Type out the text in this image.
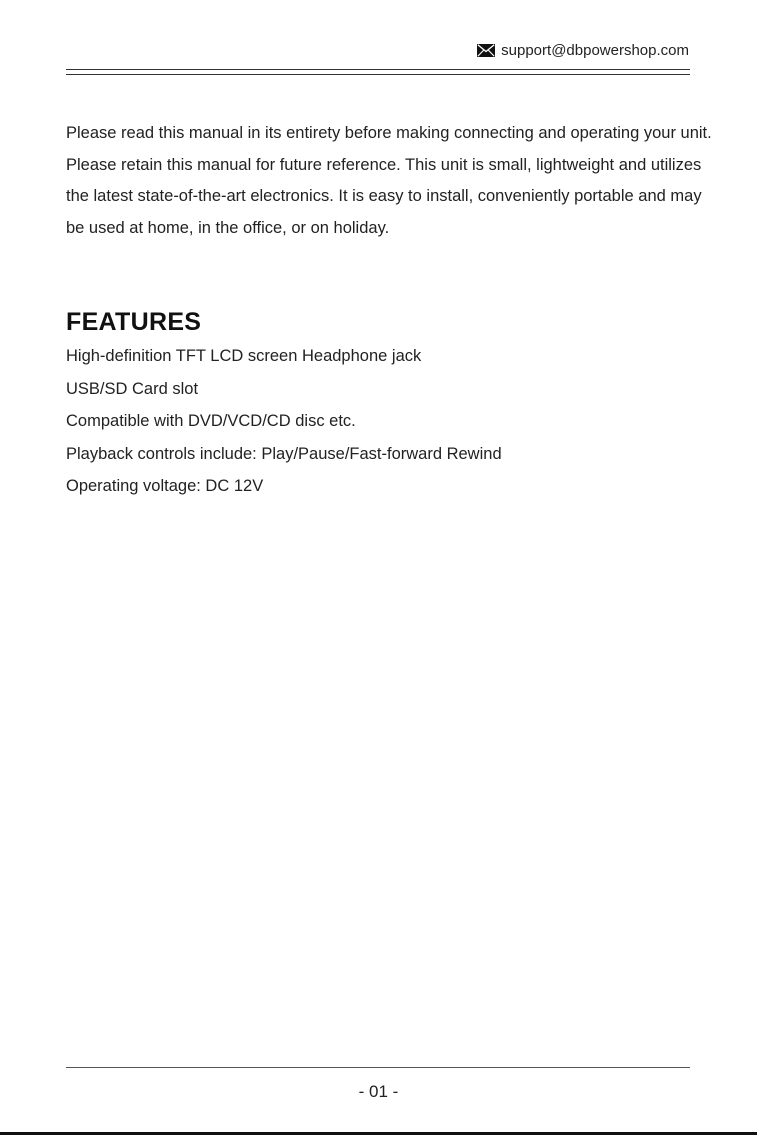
support@dbpowershop.com

Please read this manual in its entirety before making connecting and operating your unit. Please retain this manual for future reference. This unit is small, lightweight and utilizes the latest state-of-the-art electronics. It is easy to install, conveniently portable and may be used at home, in the office, or on holiday.

FEATURES
High-definition TFT LCD screen Headphone jack
USB/SD Card slot
Compatible with DVD/VCD/CD disc etc.
Playback controls include: Play/Pause/Fast-forward Rewind
Operating voltage: DC 12V
- 01 -
